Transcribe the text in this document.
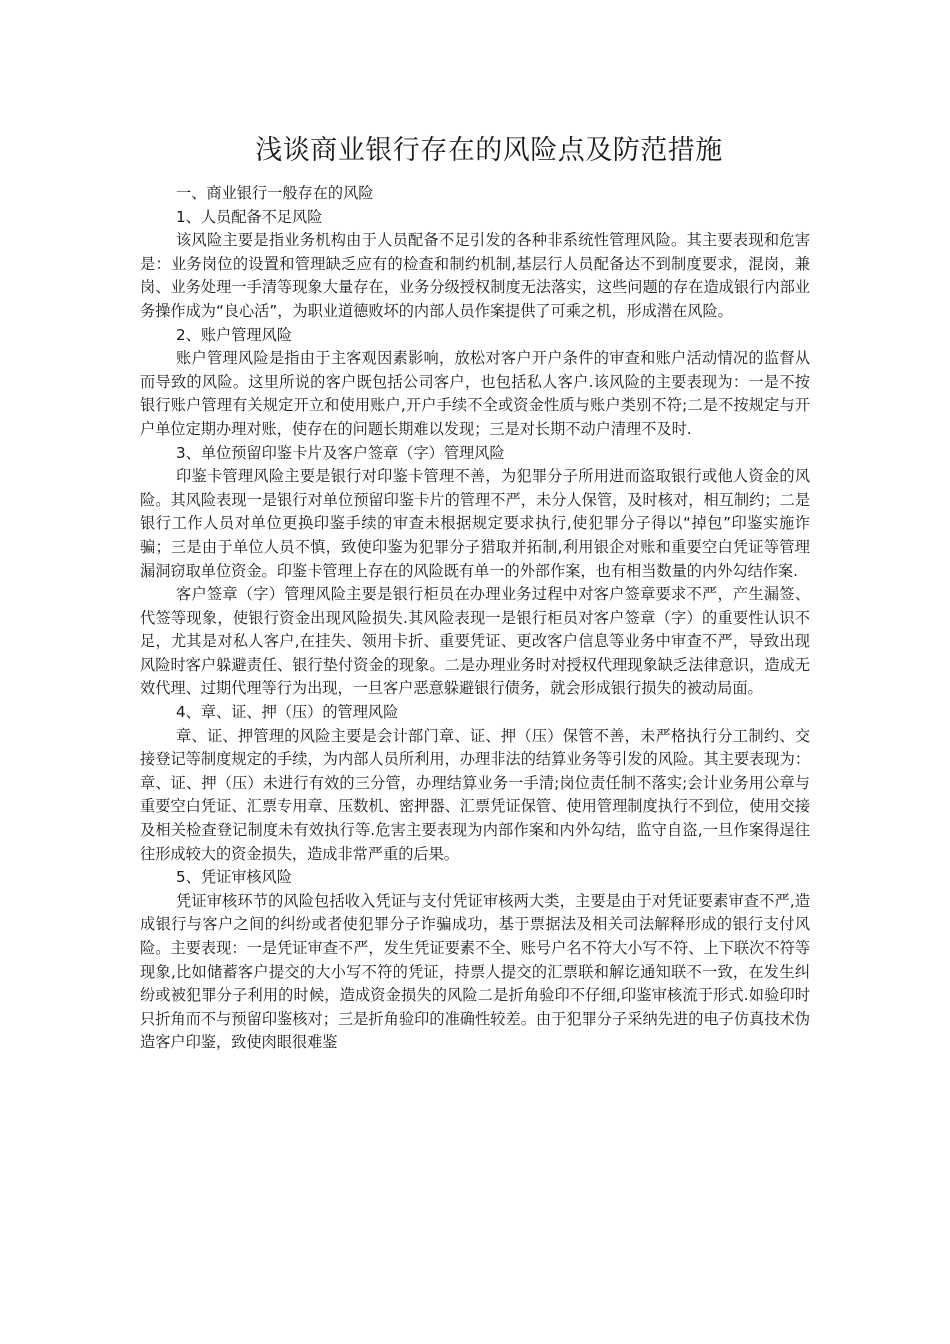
浅谈商业银行存在的风险点及防范措施

一、商业银行一般存在的风险

1、人员配备不足风险

该风险主要是指业务机构由于人员配备不足引发的各种非系统性管理风险。其主要表现和危害是：业务岗位的设置和管理缺乏应有的检查和制约机制,基层行人员配备达不到制度要求，混岗，兼岗、业务处理一手清等现象大量存在，业务分级授权制度无法落实，这些问题的存在造成银行内部业务操作成为“良心活”，为职业道德败坏的内部人员作案提供了可乘之机，形成潜在风险。

2、账户管理风险

账户管理风险是指由于主客观因素影响，放松对客户开户条件的审查和账户活动情况的监督从而导致的风险。这里所说的客户既包括公司客户，也包括私人客户.该风险的主要表现为：一是不按银行账户管理有关规定开立和使用账户,开户手续不全或资金性质与账户类别不符;二是不按规定与开户单位定期办理对账，使存在的问题长期难以发现；三是对长期不动户清理不及时.

3、单位预留印鉴卡片及客户签章（字）管理风险

印鉴卡管理风险主要是银行对印鉴卡管理不善，为犯罪分子所用进而盗取银行或他人资金的风险。其风险表现一是银行对单位预留印鉴卡片的管理不严，未分人保管，及时核对，相互制约；二是银行工作人员对单位更换印鉴手续的审查未根据规定要求执行,使犯罪分子得以“掉包”印鉴实施诈骗；三是由于单位人员不慎，致使印鉴为犯罪分子猎取并拓制,利用银企对账和重要空白凭证等管理漏洞窃取单位资金。印鉴卡管理上存在的风险既有单一的外部作案，也有相当数量的内外勾结作案.

客户签章（字）管理风险主要是银行柜员在办理业务过程中对客户签章要求不严，产生漏签、代签等现象，使银行资金出现风险损失.其风险表现一是银行柜员对客户签章（字）的重要性认识不足，尤其是对私人客户,在挂失、领用卡折、重要凭证、更改客户信息等业务中审查不严，导致出现风险时客户躲避责任、银行垫付资金的现象。二是办理业务时对授权代理现象缺乏法律意识，造成无效代理、过期代理等行为出现，一旦客户恶意躲避银行债务，就会形成银行损失的被动局面。

4、章、证、押（压）的管理风险

章、证、押管理的风险主要是会计部门章、证、押（压）保管不善，未严格执行分工制约、交接登记等制度规定的手续，为内部人员所利用，办理非法的结算业务等引发的风险。其主要表现为：章、证、押（压）未进行有效的三分管，办理结算业务一手清;岗位责任制不落实;会计业务用公章与重要空白凭证、汇票专用章、压数机、密押器、汇票凭证保管、使用管理制度执行不到位，使用交接及相关检查登记制度未有效执行等.危害主要表现为内部作案和内外勾结，监守自盗,一旦作案得逞往往形成较大的资金损失，造成非常严重的后果。

5、凭证审核风险

凭证审核环节的风险包括收入凭证与支付凭证审核两大类，主要是由于对凭证要素审查不严,造成银行与客户之间的纠纷或者使犯罪分子诈骗成功，基于票据法及相关司法解释形成的银行支付风险。主要表现：一是凭证审查不严，发生凭证要素不全、账号户名不符大小写不符、上下联次不符等现象,比如储蓄客户提交的大小写不符的凭证，持票人提交的汇票联和解讫通知联不一致，在发生纠纷或被犯罪分子利用的时候，造成资金损失的风险二是折角验印不仔细,印鉴审核流于形式.如验印时只折角而不与预留印鉴核对；三是折角验印的准确性较差。由于犯罪分子采纳先进的电子仿真技术伪造客户印鉴，致使肉眼很难鉴
